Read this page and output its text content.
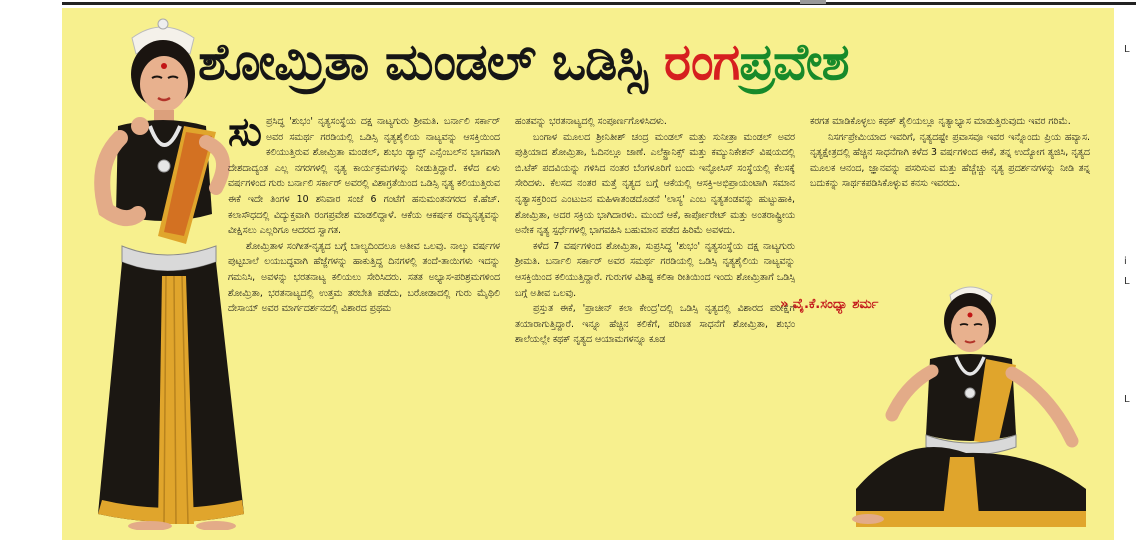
ಶೋಮ್ರಿತಾ ಮಂಡಲ್ ಒಡಿಸ್ಸಿ ರಂಗಪ್ರವೇಶ
ಸು ಪ್ರಸಿದ್ಧ 'ಶುಭಂ' ನೃತ್ಯಸಂಸ್ಥೆಯ ದಕ್ಷ ನಾಟ್ಯಗುರು ಶ್ರೀಮತಿ. ಬರ್ನಾಲಿ ಸರ್ಕಾರ್ ಅವರ ಸಮರ್ಥ ಗರಡಿಯಲ್ಲಿ ಒಡಿಸ್ಸಿ ನೃತ್ಯಶೈಲಿಯ ನಾಟ್ಯವನ್ನು ಆಸಕ್ತಿಯಿಂದ ಕಲಿಯುತ್ತಿರುವ ಶೋಮ್ರಿತಾ ಮಂಡಲ್, ಶುಭಂ ಡ್ಯಾನ್ಸ್ ಎನ್ಸೆಂಬಲ್‌ನ ಭಾಗವಾಗಿ ದೇಶದಾದ್ಯಂತ ಎಲ್ಲ ನಗರಗಳಲ್ಲಿ ನೃತ್ಯ ಕಾರ್ಯಕ್ರಮಗಳನ್ನು ನೀಡುತ್ತಿದ್ದಾರೆ. ಕಳೆದ ಏಳು ವರ್ಷಗಳಿಂದ ಗುರು ಬರ್ನಾಲಿ ಸರ್ಕಾರ್ ಅವರಲ್ಲಿ ವಿಶಾಗ್ರತೆಯಿಂದ ಒಡಿಸ್ಸಿ ನೃತ್ಯ ಕಲಿಯುತ್ತಿರುವ ಈಕೆ ಇದೇ ತಿಂಗಳ 10 ಶನಿವಾರ ಸಂಜೆ 6 ಗಂಟೆಗೆ ಹನುಮಂತನಗರದ ಕೆ.ಹೆಚ್. ಕಲಾಸೌಧದಲ್ಲಿ ವಿದ್ಯುಕ್ತವಾಗಿ ರಂಗಪ್ರವೇಶ ಮಾಡಲಿದ್ದಾಳೆ. ಆಕೆಯ ಆಕರ್ಷಕ ರಮ್ಯನೃತ್ಯವನ್ನು ವೀಕ್ಷಿಸಲು ಎಲ್ಲರಿಗೂ ಆದರದ ಸ್ವಾಗತ.

ಶೋಮ್ರಿತಾಳ ಸಂಗೀತ-ನೃತ್ಯದ ಬಗ್ಗೆ ಬಾಲ್ಯದಿಂದಲೂ ಅತೀವ ಒಲವು. ನಾಲ್ಕು ವರ್ಷಗಳ ಪುಟ್ಟಬಾಲೆ ಲಯಬದ್ಧವಾಗಿ ಹೆಜ್ಜೆಗಳನ್ನು ಹಾಕುತ್ತಿದ್ದ ದಿನಗಳಲ್ಲಿ ತಂದೆ-ತಾಯಿಗಳು ಇದನ್ನು ಗಮನಿಸಿ, ಅವಳನ್ನು ಭರತನಾಟ್ಯ ಕಲಿಯಲು ಸೇರಿಸಿದರು. ಸತತ ಅಭ್ಯಾಸ-ಪರಿಶ್ರಮಗಳಿಂದ ಶೋಮ್ರಿತಾ, ಭರತನಾಟ್ಯದಲ್ಲಿ ಉತ್ತಮ ತರಬೇತಿ ಪಡೆದು, ಬರೋಡಾದಲ್ಲಿ ಗುರು ಮೈಥಿಲಿ ದೇಸಾಯ್ ಅವರ ಮಾರ್ಗದರ್ಶನದಲ್ಲಿ ವಿಶಾರದ ಪ್ರಥಮ

ಹಂತವನ್ನು ಭರತನಾಟ್ಯದಲ್ಲಿ ಸಂಪೂರ್ಣಗೊಳಿಸಿದಳು.

ಬಂಗಾಳ ಮೂಲದ ಶ್ರೀನಿತೀಶ್ ಚಂದ್ರ ಮಂಡಲ್ ಮತ್ತು ಸುನೀತ್ರಾ ಮಂಡಲ್ ಅವರ ಪುತ್ರಿಯಾದ ಶೋಮ್ರಿತಾ, ಓದಿನಲ್ಲೂ ಜಾಣೆ. ಎಲೆಕ್ಟ್ರಾನಿಕ್ಸ್ ಮತ್ತು ಕಮ್ಯುನಿಕೇಶನ್ ವಿಷಯದಲ್ಲಿ ಬಿ.ಟೆಕ್ ಪದವಿಯನ್ನು ಗಳಿಸಿದ ನಂತರ ಬೆಂಗಳೂರಿಗೆ ಬಂದು ಇನ್ಫೋಸಿಸ್ ಸಂಸ್ಥೆಯಲ್ಲಿ ಕೆಲಸಕ್ಕೆ ಸೇರಿದಳು. ಕೆಲಸದ ನಂತರ ಮತ್ತೆ ನೃತ್ಯದ ಬಗ್ಗೆ ಆಕೆಯಲ್ಲಿ ಆಸಕ್ತಿ-ಅಭಿಪ್ರಾಯಂಟಾಗಿ ಸಮಾನ ನೃತ್ಯಾಸಕ್ತರಿಂದ ಎಂಟುಜನ ಮಹಿಳಾತಂಡದೊಡನೆ 'ಲಾಸ್ಯ' ಎಂಬ ನೃತ್ಯತಂಡವನ್ನು ಹುಟ್ಟುಹಾಕಿ, ಶೋಮ್ರಿತಾ, ಅದರ ಸಕ್ರಿಯ ಭಾಗಿದಾರಳು. ಮುಂದೆ ಆಕೆ, ಕಾರ್ಪೋರೇಟ್ ಮತ್ತು ಅಂತರಾಷ್ಟ್ರೀಯ ಅನೇಕ ನೃತ್ಯ ಸ್ಪರ್ಧೆಗಳಲ್ಲಿ ಭಾಗವಹಿಸಿ ಬಹುಮಾನ ಪಡೆದ ಹಿರಿಮೆ ಅವಳದು.

ಕಳೆದ 7 ವರ್ಷಗಳಿಂದ ಶೋಮ್ರಿತಾ, ಸುಪ್ರಸಿದ್ಧ 'ಶುಭಂ' ನೃತ್ಯಸಂಸ್ಥೆಯ ದಕ್ಷ ನಾಟ್ಯಗುರು ಶ್ರೀಮತಿ. ಬರ್ನಾಲಿ ಸರ್ಕಾರ್ ಅವರ ಸಮರ್ಥ ಗರಡಿಯಲ್ಲಿ ಒಡಿಸ್ಸಿ ನೃತ್ಯಶೈಲಿಯ ನಾಟ್ಯವನ್ನು ಆಸಕ್ತಿಯಿಂದ ಕಲಿಯುತ್ತಿದ್ದಾರೆ. ಗುರುಗಳ ವಿಶಿಷ್ಟ ಕಲಿಕಾ ರೀತಿಯಿಂದ ಇಂದು ಶೋಮ್ರಿತಾಗೆ ಒಡಿಸ್ಸಿ ಬಗ್ಗೆ ಅತೀವ ಒಲವು.

ಪ್ರಸ್ತುತ ಈಕೆ, 'ಪ್ರಾಚೀನ್ ಕಲಾ ಕೇಂದ್ರ'ದಲ್ಲಿ ಒಡಿಸ್ಸಿ ನೃತ್ಯದಲ್ಲಿ ವಿಶಾರದ ಪರೀಕ್ಷೆಗೆ ತಯಾರಾಗುತ್ತಿದ್ದಾರೆ. ಇನ್ನೂ ಹೆಚ್ಚಿನ ಕಲಿಕೆಗೆ, ಪರಿಣತ ಸಾಧನೆಗೆ ಶೋಮ್ರಿತಾ, ಶುಭಂ ಶಾಲೆಯಲ್ಲೇ ಕಥಕ್ ನೃತ್ಯದ ಆಯಾಮಗಳನ್ನೂ ಕೂಡ

ಕರಗತ ಮಾಡಿಕೊಳ್ಳಲು ಕಥಕ್ ಶೈಲಿಯಲ್ಲೂ ನೃತ್ಯಾಭ್ಯಾಸ ಮಾಡುತ್ತಿರುವುದು ಇವರ ಗರಿಮೆ.

ನಿಸರ್ಗಪ್ರೇಮಿಯಾದ ಇವರಿಗೆ, ನೃತ್ಯದಷ್ಟೇ ಪ್ರವಾಸವೂ ಇವರ ಇನ್ನೊಂದು ಪ್ರಿಯ ಹವ್ಯಾಸ. ನೃತ್ಯಕ್ಷೇತ್ರದಲ್ಲಿ ಹೆಚ್ಚಿನ ಸಾಧನೆಗಾಗಿ ಕಳೆದ 3 ವರ್ಷಗಳಿಂದ ಈಕೆ, ತನ್ನ ಉದ್ಯೋಗ ತ್ಯಜಿಸಿ, ನೃತ್ಯದ ಮೂಲಕ ಆನಂದ, ಜ್ಞಾನವನ್ನು ಪಸರಿಸುವ ಮತ್ತು ಹೆಚ್ಚೆಚ್ಚು ನೃತ್ಯ ಪ್ರದರ್ಶನಗಳನ್ನು ನೀಡಿ ತನ್ನ ಬದುಕನ್ನು ಸಾರ್ಥಕಪಡಿಸಿಕೊಳ್ಳುವ ಕನಸು ಇವರದು.

» ವೈ.ಕೆ.ಸಂಧ್ಯಾ ಶರ್ಮ
L
i
L
L
